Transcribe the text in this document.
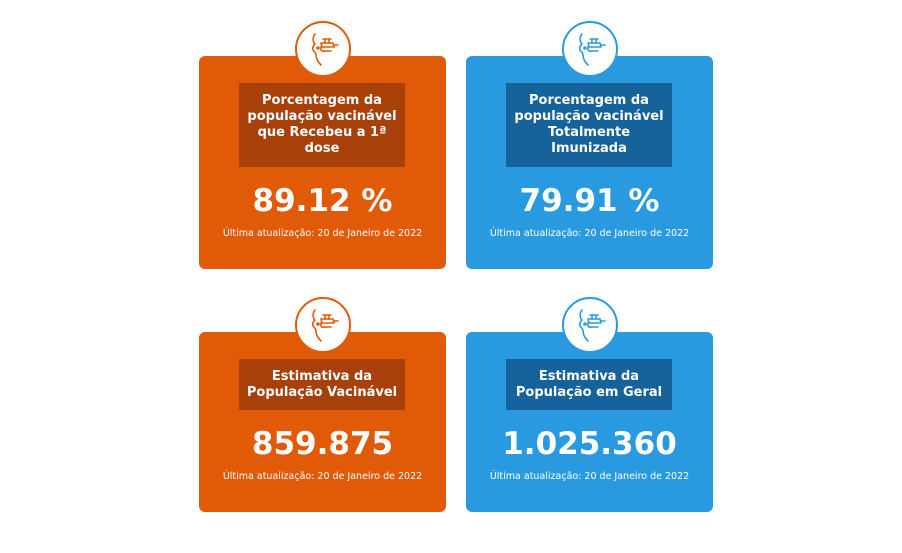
Porcentagem da população vacinável que Recebeu a 1ª dose
89.12 %
Última atualização: 20 de Janeiro de 2022
Porcentagem da população vacinável Totalmente Imunizada
79.91 %
Última atualização: 20 de Janeiro de 2022
Estimativa da População Vacinável
859.875
Última atualização: 20 de Janeiro de 2022
Estimativa da População em Geral
1.025.360
Última atualização: 20 de Janeiro de 2022
